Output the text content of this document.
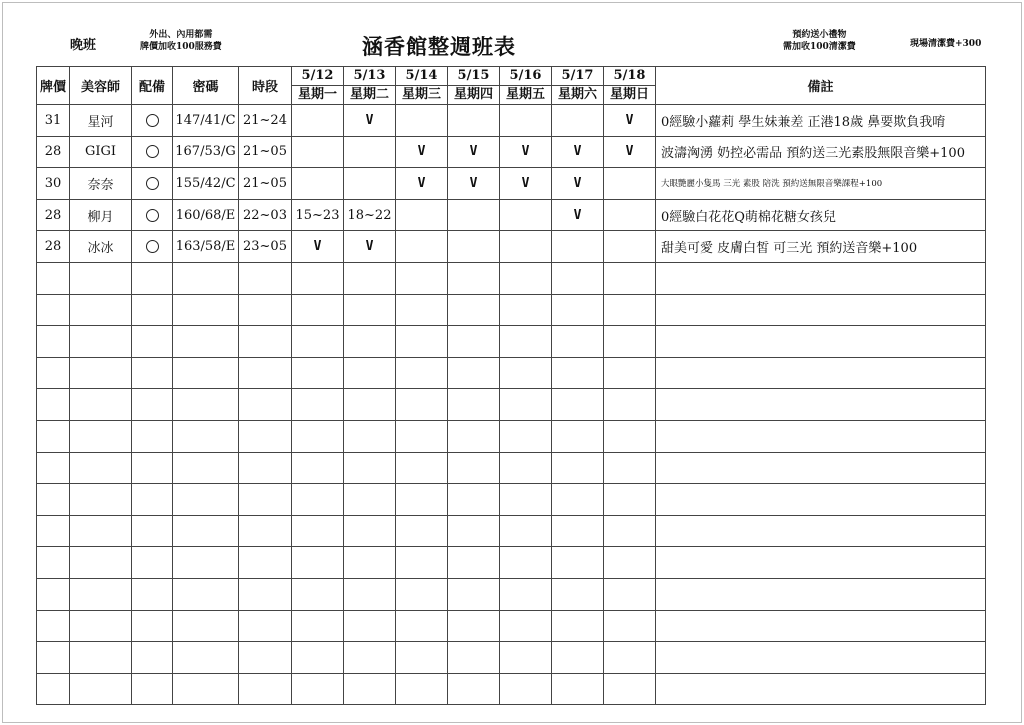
晚班
外出、內用都需
牌價加收100服務費	涵香館整週班表	預約送小禮物
需加收100清潔費	現場清潔費+300
牌價	美容師	配備	密碼	時段	5/12	5/13	5/14	5/15	5/16	5/17	5/18	備註
					星期一	星期二	星期三	星期四	星期五	星期六	星期日	
31	星河		147/41/C	21~24		V					V	0經驗小蘿莉 學生妹兼差 正港18歲 鼻要欺負我唷
28	GIGI		167/53/G	21~05			V	V	V	V	V	波濤洶湧 奶控必需品 預約送三光素股無限音樂+100
30	奈奈		155/42/C	21~05			V	V	V	V		大眼艷麗小隻馬 三光 素股 陪洗 預約送無限音樂課程+100
28	柳月		160/68/E	22~03	15~23	18~22				V		0經驗白花花Q萌棉花糖女孩兒
28	冰冰		163/58/E	23~05	V	V						甜美可愛 皮膚白皙 可三光 預約送音樂+100
